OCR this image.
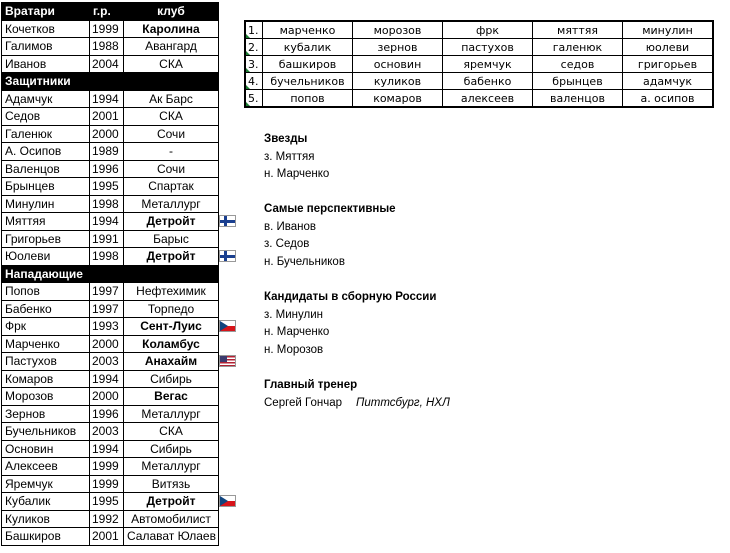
Вратари	г.р.	клуб
Кочетков	1999	Каролина
Галимов	1988	Авангард
Иванов	2004	СКА
Защитники		
Адамчук	1994	Ак Барс
Седов	2001	СКА
Галенюк	2000	Сочи
А. Осипов	1989	-
Валенцов	1996	Сочи
Брынцев	1995	Спартак
Минулин	1998	Металлург
Мяттяя	1994	Детройт
Григорьев	1991	Барыс
Юолеви	1998	Детройт
Нападающие		
Попов	1997	Нефтехимик
Бабенко	1997	Торпедо
Фрк	1993	Сент-Луис
Марченко	2000	Коламбус
Пастухов	2003	Анахайм
Комаров	1994	Сибирь
Морозов	2000	Вегас
Зернов	1996	Металлург
Бучельников	2003	СКА
Основин	1994	Сибирь
Алексеев	1999	Металлург
Яремчук	1999	Витязь
Кубалик	1995	Детройт
Куликов	1992	Автомобилист
Башкиров	2001	Салават Юлаев
1.	марченко	морозов	фрк	мяттяя	минулин
2.	кубалик	зернов	пастухов	галенюк	юолеви
3.	башкиров	основин	яремчук	седов	григорьев
4.	бучельников	куликов	бабенко	брынцев	адамчук
5.	попов	комаров	алексеев	валенцов	а. осипов
Звезды
з. Мяттяя
н. Марченко
Самые перспективные
в. Иванов
з. Седов
н. Бучельников
Кандидаты в сборную России
з. Минулин
н. Марченко
н. Морозов
Главный тренер
Сергей Гончар Питтсбург, НХЛ
